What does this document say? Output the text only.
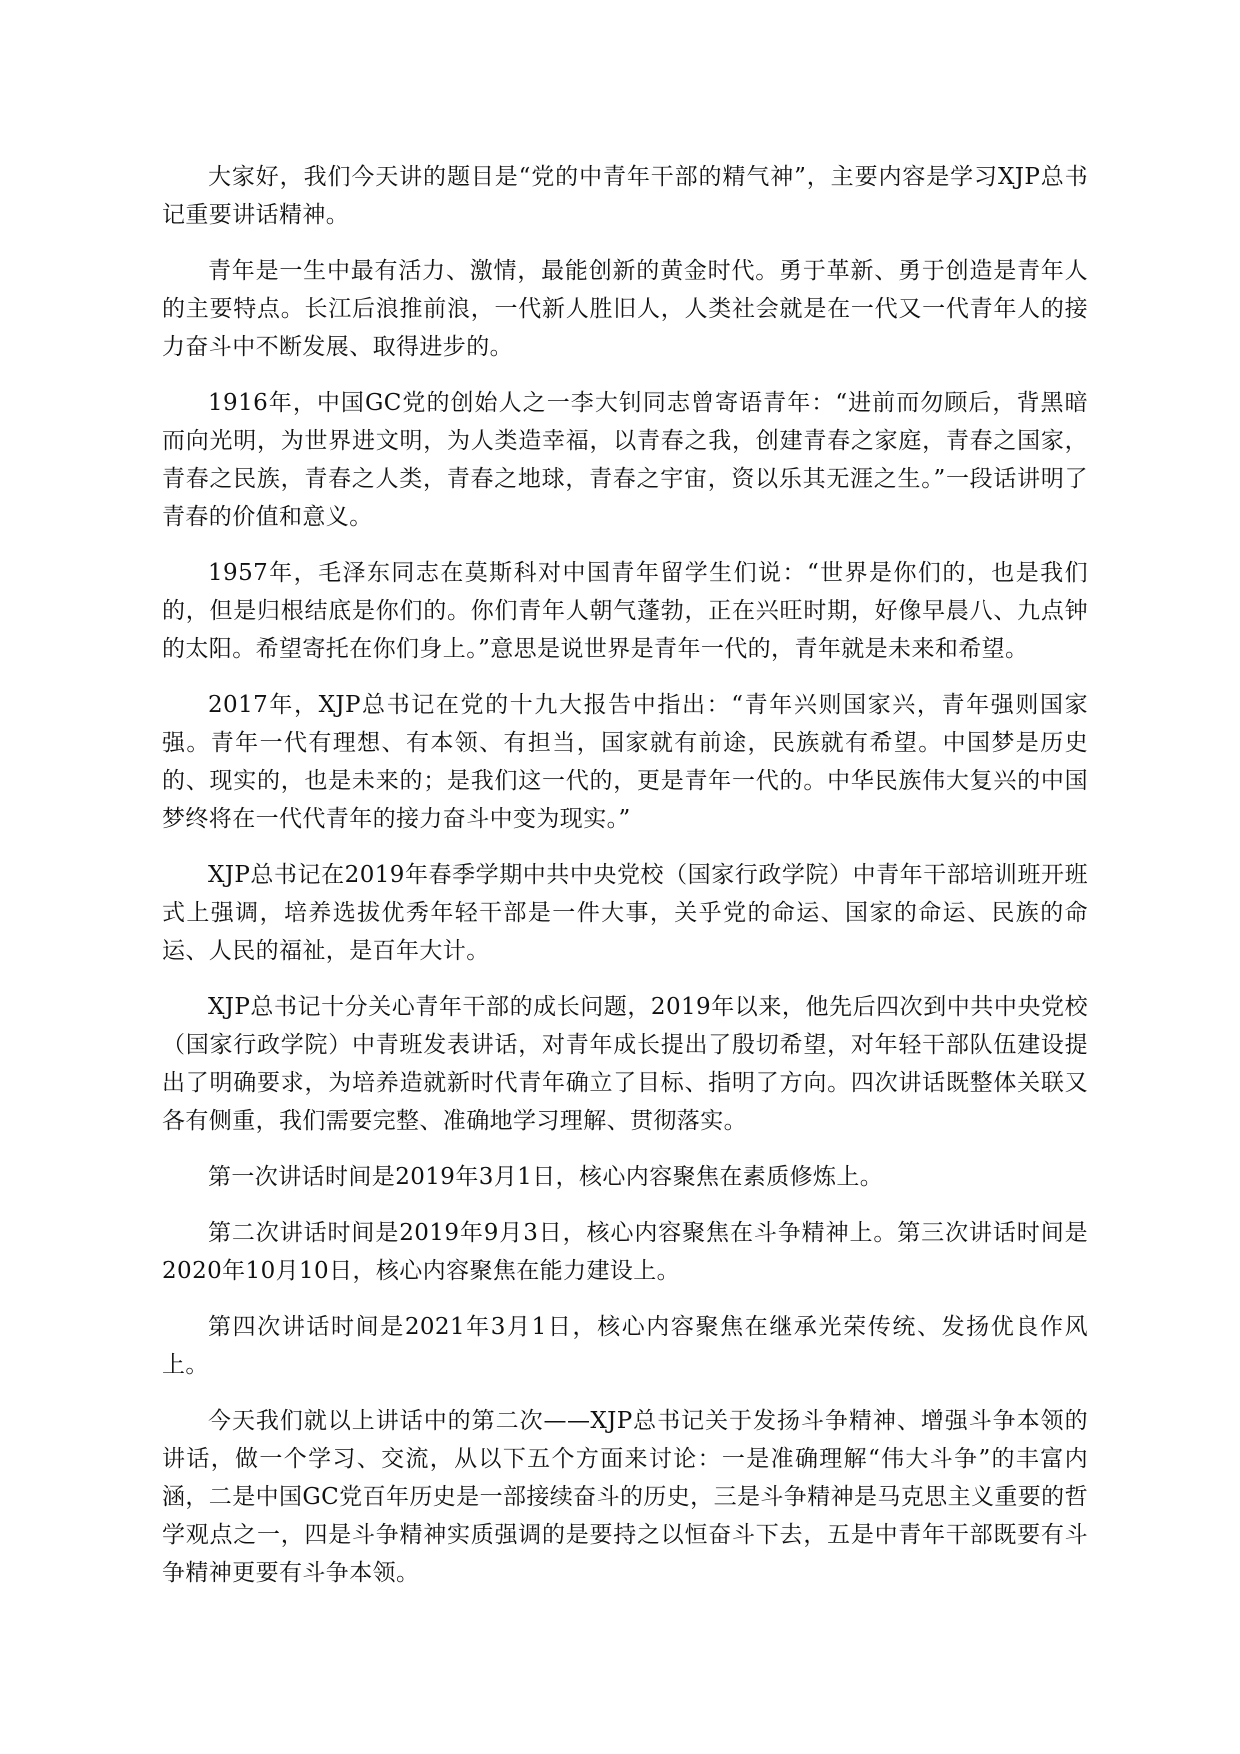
大家好，我们今天讲的题目是“党的中青年干部的精气神”，主要内容是学习XJP总书记重要讲话精神。

青年是一生中最有活力、激情，最能创新的黄金时代。勇于革新、勇于创造是青年人的主要特点。长江后浪推前浪，一代新人胜旧人，人类社会就是在一代又一代青年人的接力奋斗中不断发展、取得进步的。

1916年，中国GC党的创始人之一李大钊同志曾寄语青年：“进前而勿顾后，背黑暗而向光明，为世界进文明，为人类造幸福，以青春之我，创建青春之家庭，青春之国家，青春之民族，青春之人类，青春之地球，青春之宇宙，资以乐其无涯之生。”一段话讲明了青春的价值和意义。

1957年，毛泽东同志在莫斯科对中国青年留学生们说：“世界是你们的，也是我们的，但是归根结底是你们的。你们青年人朝气蓬勃，正在兴旺时期，好像早晨八、九点钟的太阳。希望寄托在你们身上。”意思是说世界是青年一代的，青年就是未来和希望。

2017年，XJP总书记在党的十九大报告中指出：“青年兴则国家兴，青年强则国家强。青年一代有理想、有本领、有担当，国家就有前途，民族就有希望。中国梦是历史的、现实的，也是未来的；是我们这一代的，更是青年一代的。中华民族伟大复兴的中国梦终将在一代代青年的接力奋斗中变为现实。”

XJP总书记在2019年春季学期中共中央党校（国家行政学院）中青年干部培训班开班式上强调，培养选拔优秀年轻干部是一件大事，关乎党的命运、国家的命运、民族的命运、人民的福祉，是百年大计。

XJP总书记十分关心青年干部的成长问题，2019年以来，他先后四次到中共中央党校（国家行政学院）中青班发表讲话，对青年成长提出了殷切希望，对年轻干部队伍建设提出了明确要求，为培养造就新时代青年确立了目标、指明了方向。四次讲话既整体关联又各有侧重，我们需要完整、准确地学习理解、贯彻落实。

第一次讲话时间是2019年3月1日，核心内容聚焦在素质修炼上。

第二次讲话时间是2019年9月3日，核心内容聚焦在斗争精神上。第三次讲话时间是2020年10月10日，核心内容聚焦在能力建设上。

第四次讲话时间是2021年3月1日，核心内容聚焦在继承光荣传统、发扬优良作风上。

今天我们就以上讲话中的第二次——XJP总书记关于发扬斗争精神、增强斗争本领的讲话，做一个学习、交流，从以下五个方面来讨论：一是准确理解“伟大斗争”的丰富内涵，二是中国GC党百年历史是一部接续奋斗的历史，三是斗争精神是马克思主义重要的哲学观点之一，四是斗争精神实质强调的是要持之以恒奋斗下去，五是中青年干部既要有斗争精神更要有斗争本领。
